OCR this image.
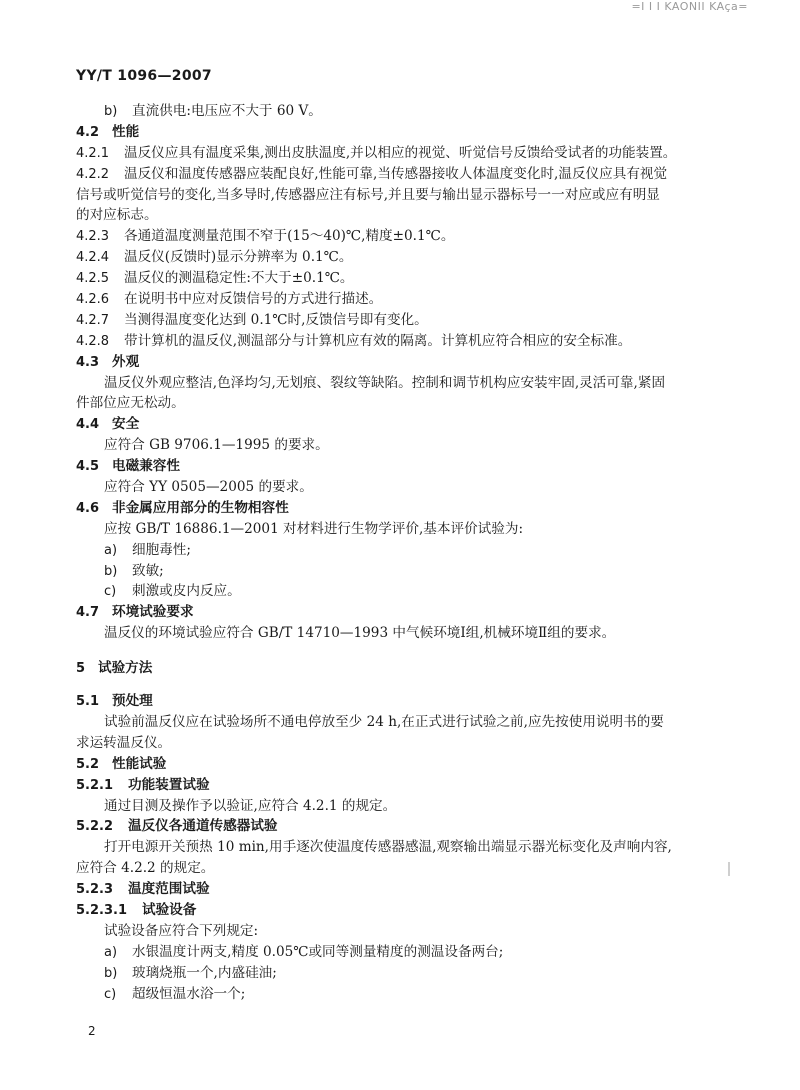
=I I I KAONII KAça=
YY/T 1096—2007
b) 直流供电:电压应不大于 60 V。
4.2 性能
4.2.1 温反仪应具有温度采集,测出皮肤温度,并以相应的视觉、听觉信号反馈给受试者的功能装置。
4.2.2 温反仪和温度传感器应装配良好,性能可靠,当传感器接收人体温度变化时,温反仪应具有视觉
信号或听觉信号的变化,当多导时,传感器应注有标号,并且要与输出显示器标号一一对应或应有明显
的对应标志。
4.2.3 各通道温度测量范围不窄于(15～40)℃,精度±0.1℃。
4.2.4 温反仪(反馈时)显示分辨率为 0.1℃。
4.2.5 温反仪的测温稳定性:不大于±0.1℃。
4.2.6 在说明书中应对反馈信号的方式进行描述。
4.2.7 当测得温度变化达到 0.1℃时,反馈信号即有变化。
4.2.8 带计算机的温反仪,测温部分与计算机应有效的隔离。计算机应符合相应的安全标准。
4.3 外观
温反仪外观应整洁,色泽均匀,无划痕、裂纹等缺陷。控制和调节机构应安装牢固,灵活可靠,紧固
件部位应无松动。
4.4 安全
应符合 GB 9706.1—1995 的要求。
4.5 电磁兼容性
应符合 YY 0505—2005 的要求。
4.6 非金属应用部分的生物相容性
应按 GB/T 16886.1—2001 对材料进行生物学评价,基本评价试验为:
a) 细胞毒性;
b) 致敏;
c) 刺激或皮内反应。
4.7 环境试验要求
温反仪的环境试验应符合 GB/T 14710—1993 中气候环境Ⅰ组,机械环境Ⅱ组的要求。
5 试验方法
5.1 预处理
试验前温反仪应在试验场所不通电停放至少 24 h,在正式进行试验之前,应先按使用说明书的要
求运转温反仪。
5.2 性能试验
5.2.1 功能装置试验
通过目测及操作予以验证,应符合 4.2.1 的规定。
5.2.2 温反仪各通道传感器试验
打开电源开关预热 10 min,用手逐次使温度传感器感温,观察输出端显示器光标变化及声响内容,
应符合 4.2.2 的规定。
5.2.3 温度范围试验
5.2.3.1 试验设备
试验设备应符合下列规定:
a) 水银温度计两支,精度 0.05℃或同等测量精度的测温设备两台;
b) 玻璃烧瓶一个,内盛硅油;
c) 超级恒温水浴一个;
2
